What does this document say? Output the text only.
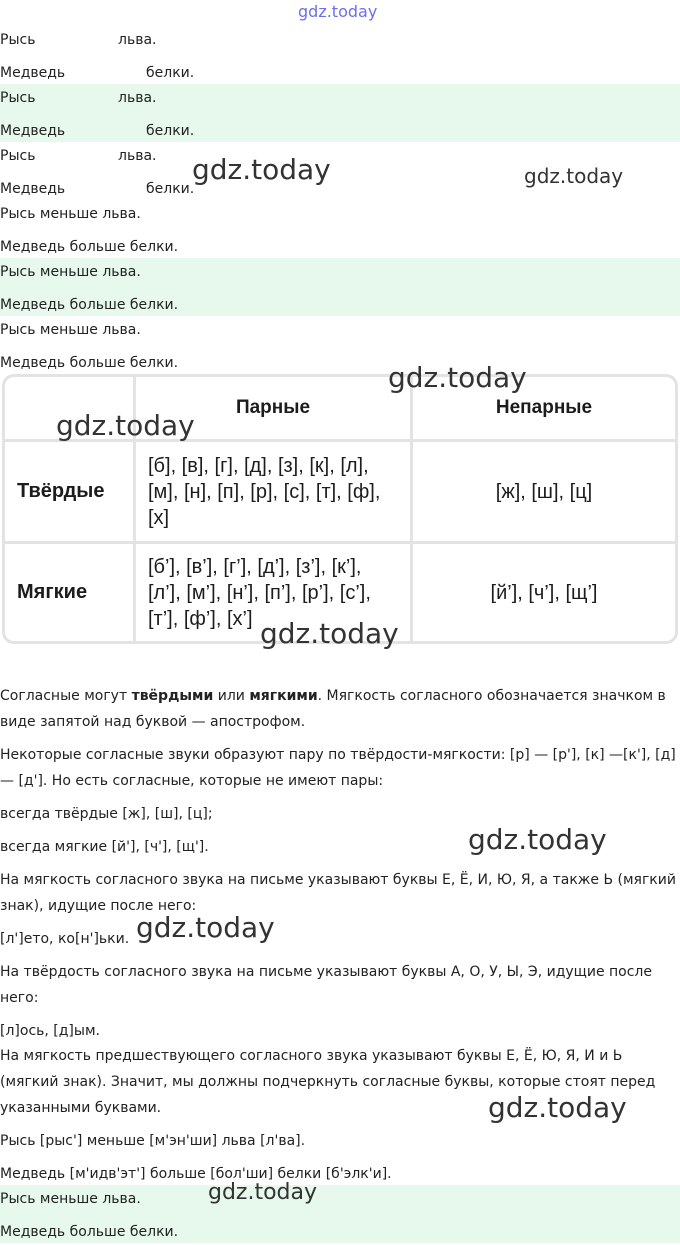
gdz.today
gdz.today	gdz.today
Рысь	льва.
Медведь	белки.
Рысь	льва.
Медведь	белки.
Рысь	льва.
Медведь	белки.
Рысь меньше льва.
Медведь больше белки.
Рысь меньше льва.
Медведь больше белки.
Рысь меньше льва.
Медведь больше белки.
	Парные	Непарные
Твёрдые	[б], [в], [г], [д], [з], [к], [л], [м], [н], [п], [р], [с], [т], [ф], [х]	[ж], [ш], [ц]
Мягкие	[б’], [в’], [г’], [д’], [з’], [к’], [л’], [м’], [н’], [п’], [р’], [с’], [т’], [ф’], [х’]	[й’], [ч’], [щ’]
gdz.today
gdz.today
gdz.today
Согласные могут твёрдыми или мягкими. Мягкость согласного обозначается значком в виде запятой над буквой — апострофом.
Некоторые согласные звуки образуют пару по твёрдости-мягкости: [р] — [р'], [к] —[к'], [д] — [д']. Но есть согласные, которые не имеют пары:
всегда твёрдые [ж], [ш], [ц];
всегда мягкие [й'], [ч'], [щ'].
На мягкость согласного звука на письме указывают буквы Е, Ё, И, Ю, Я, а также Ь (мягкий знак), идущие после него:
[л']ето, ко[н']ьки.
На твёрдость согласного звука на письме указывают буквы А, О, У, Ы, Э, идущие после него:
[л]ось, [д]ым.
На мягкость предшествующего согласного звука указывают буквы Е, Ё, Ю, Я, И и Ь (мягкий знак). Значит, мы должны подчеркнуть согласные буквы, которые стоят перед указанными буквами.
gdz.today
gdz.today
gdz.today
Рысь [рыс'] меньше [м'эн'ши] льва [л'ва].
Медведь [м'идв'эт'] больше [бол'ши] белки [б'элк'и].
Рысь меньше льва.
Медведь больше белки.
gdz.today
